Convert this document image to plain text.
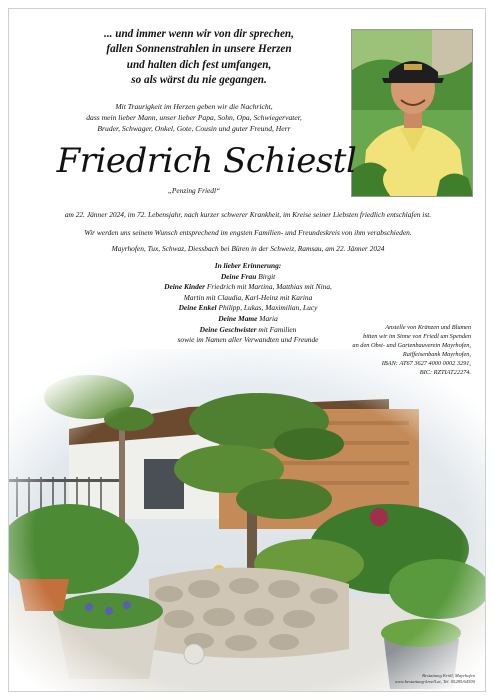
... und immer wenn wir von dir sprechen,
fallen Sonnenstrahlen in unsere Herzen
und halten dich fest umfangen,
so als wärst du nie gegangen.
Mit Traurigkeit im Herzen geben wir die Nachricht,
dass mein lieber Mann, unser lieber Papa, Sohn, Opa, Schwiegervater,
Bruder, Schwager, Onkel, Gote, Cousin und guter Freund, Herr
Friedrich Schiestl
„Penzing Friedl“
am 22. Jänner 2024, im 72. Lebensjahr, nach kurzer schwerer Krankheit, im Kreise seiner Liebsten friedlich entschlafen ist.
Wir werden uns seinem Wunsch entsprechend im engsten Familien- und Freundeskreis von ihm verabschieden.
Mayrhofen, Tux, Schwaz, Diessbach bei Büren in der Schweiz, Ramsau, am 22. Jänner 2024
In lieber Erinnerung:
Deine Frau Birgit
Deine Kinder Friedrich mit Martina, Matthias mit Nina,
Martin mit Claudia, Karl-Heinz mit Karina
Deine Enkel Philipp, Lukas, Maximilian, Lucy
Deine Mame Maria
Deine Geschwister mit Familien
sowie im Namen aller Verwandten und Freunde
Anstelle von Kränzen und Blumen
bitten wir im Sinne von Friedl um Spenden
an den Obst- und Gartenbauverein Mayrhofen,
Raiffeisenbank Mayrhofen,
IBAN: AT67 3627 4000 0002 3291,
BIC: RZTIAT22274.
Bestattung Kröll, Mayrhofen
www.bestattung-kroell.at, Tel. 05285/64590
